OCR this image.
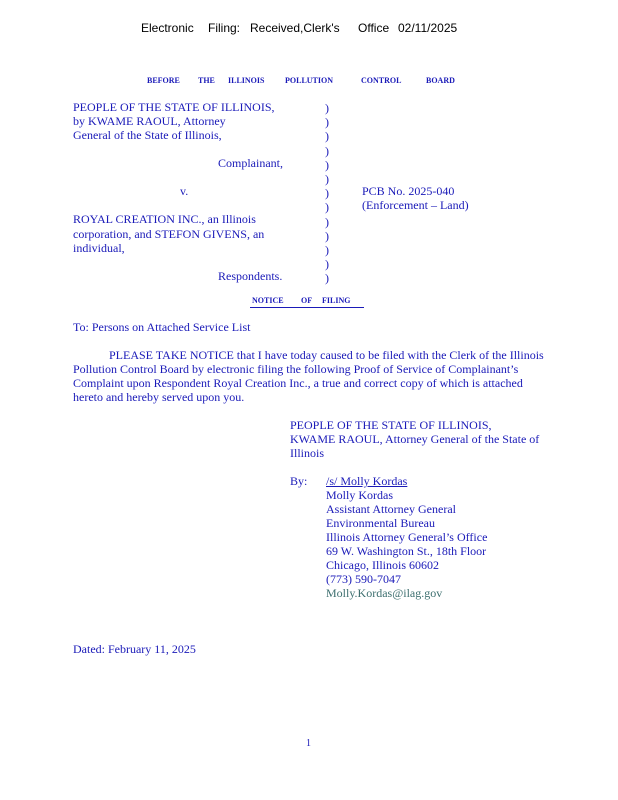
Electronic Filing: Received,Clerk's Office 02/11/2025
BEFORE THE ILLINOIS	POLLUTION	CONTROL	BOARD
PEOPLE OF THE STATE OF ILLINOIS,
by KWAME RAOUL, Attorney
General of the State of Illinois,
Complainant,
v.
ROYAL CREATION INC., an Illinois
corporation, and STEFON GIVENS, an
individual,
Respondents.
)
)
)
)
)
)
)
)
)
)
)
)
)
PCB No. 2025-040
(Enforcement – Land)
NOTICE OF FILING
To: Persons on Attached Service List
PLEASE TAKE NOTICE that I have today caused to be filed with the Clerk of the Illinois
Pollution Control Board by electronic filing the following Proof of Service of Complainant’s
Complaint upon Respondent Royal Creation Inc., a true and correct copy of which is attached
hereto and hereby served upon you.
PEOPLE OF THE STATE OF ILLINOIS,
KWAME RAOUL, Attorney General of the State of
Illinois
By: /s/ Molly Kordas
Molly Kordas
Assistant Attorney General
Environmental Bureau
Illinois Attorney General’s Office
69 W. Washington St., 18th Floor
Chicago, Illinois 60602
(773) 590-7047
Molly.Kordas@ilag.gov
Dated: February 11, 2025
1
